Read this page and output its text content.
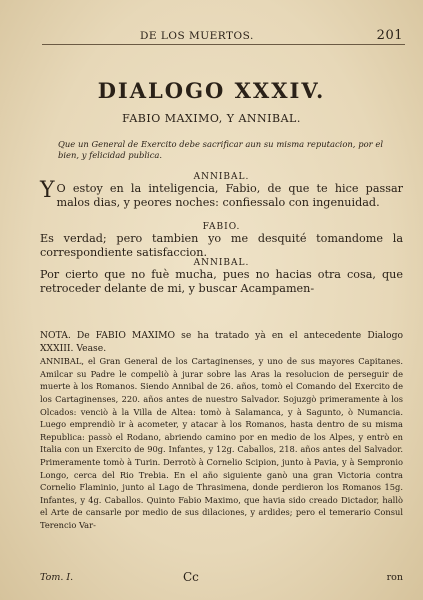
DE LOS MUERTOS.	201
DIALOGO XXXIV.
FABIO MAXIMO, Y ANNIBAL.
Que un General de Exercito debe sacrificar aun su misma reputacion, por el bien, y felicidad publica.
ANNIBAL.
Y O estoy en la inteligencia, Fabio, de que te hice passar malos dias, y peores noches: confiessalo con ingenuidad.
FABIO.
Es verdad; pero tambien yo me desquité tomandome la correspondiente satisfaccion.
ANNIBAL.
Por cierto que no fuè mucha, pues no hacias otra cosa, que retroceder delante de mi, y buscar Acampamen-
NOTA. De FABIO MAXIMO se ha tratado yà en el antecedente Dialogo XXXIII. Vease.
ANNIBAL, el Gran General de los Cartaginenses, y uno de sus mayores Capitanes. Amilcar su Padre le compeliò à jurar sobre las Aras la resolucion de perseguir de muerte à los Romanos. Siendo Annibal de 26. años, tomò el Comando del Exercito de los Cartaginenses, 220. años antes de nuestro Salvador. Sojuzgò primeramente à los Olcados: venciò à la Villa de Altea: tomò à Salamanca, y à Sagunto, ò Numancia. Luego emprendiò ir à acometer, y atacar à los Romanos, hasta dentro de su misma Republica: passò el Rodano, abriendo camino por en medio de los Alpes, y entrò en Italia con un Exercito de 90g. Infantes, y 12g. Caballos, 218. años antes del Salvador. Primeramente tomò à Turin. Derrotò à Cornelio Scipion, junto à Pavia, y à Sempronio Longo, cerca del Rio Trebia. En el año siguiente ganò una gran Victoria contra Cornelio Flaminio, junto al Lago de Thrasimena, donde perdieron los Romanos 15g. Infantes, y 4g. Caballos. Quinto Fabio Maximo, que havia sido creado Dictador, hallò el Arte de cansarle por medio de sus dilaciones, y ardides; pero el temerario Consul Terencio Var-
Tom. I.	Cc	ron
